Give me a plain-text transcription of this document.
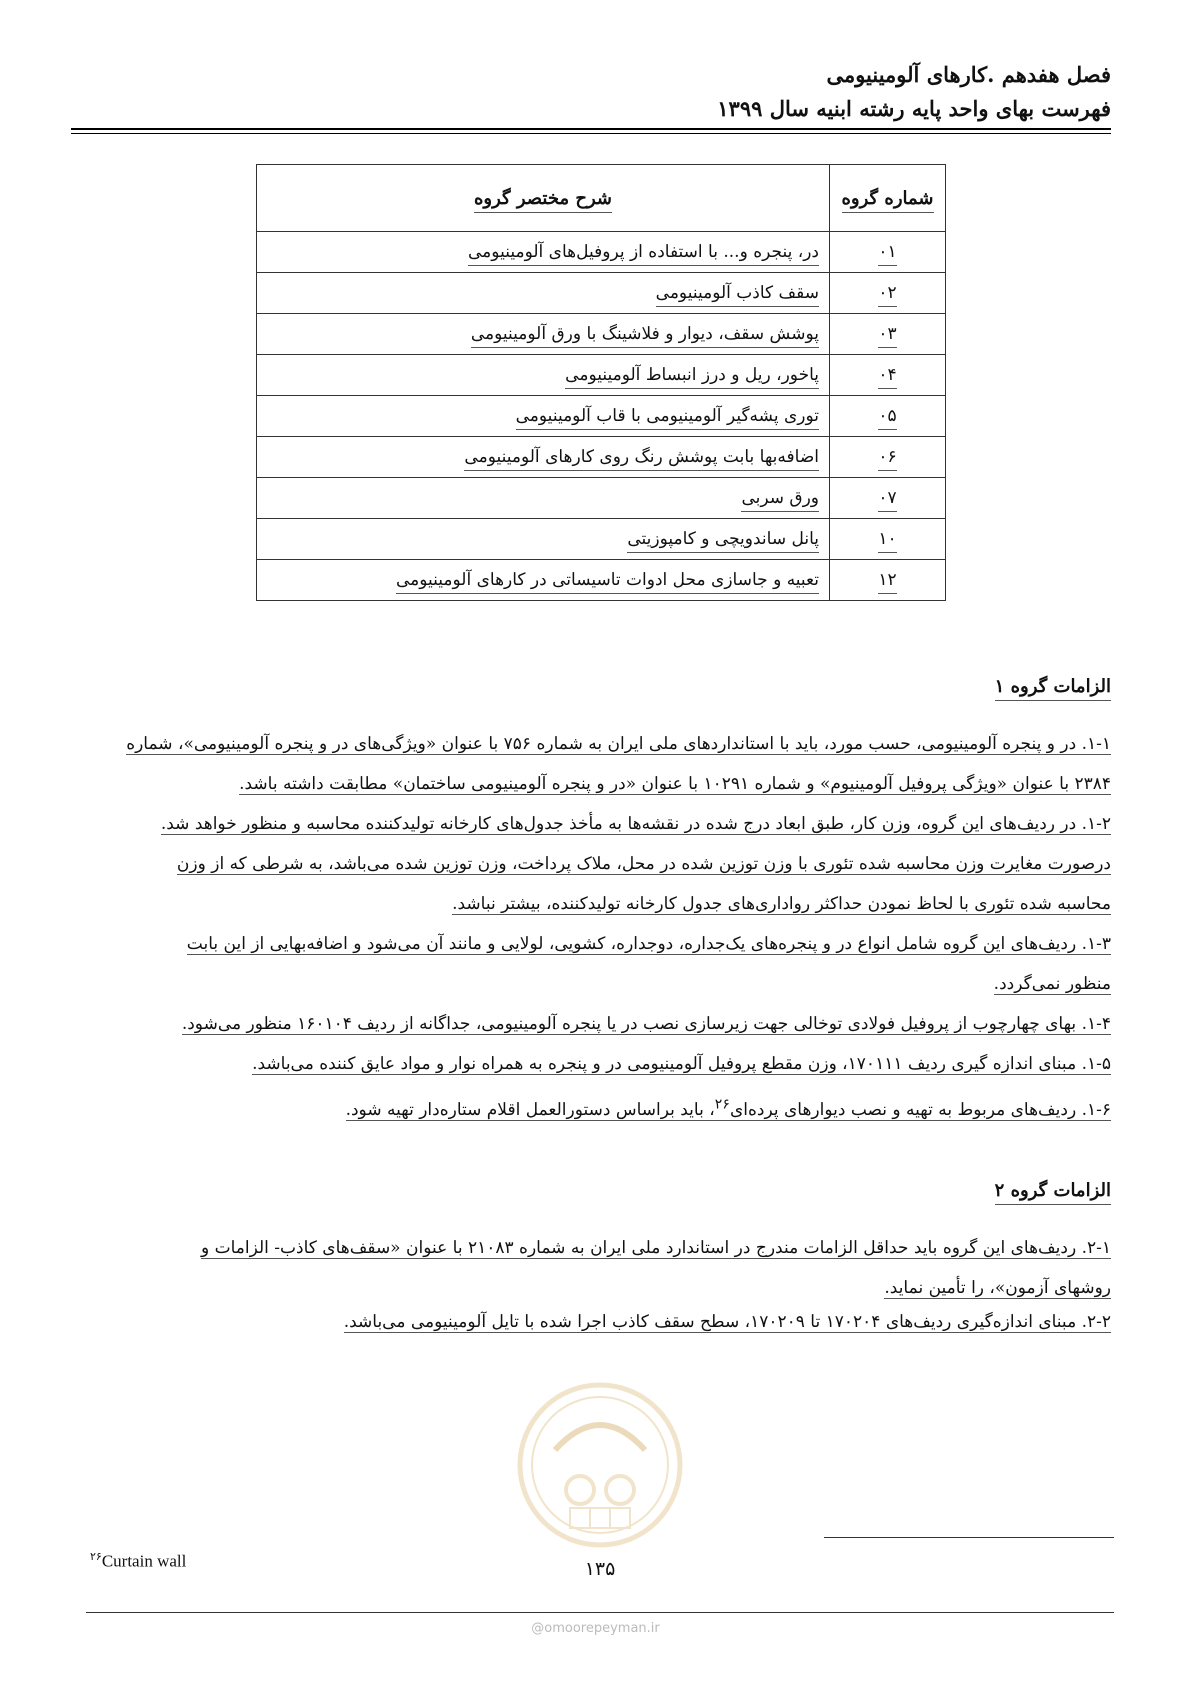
فصل هفدهم .کارهای آلومینیومی
فهرست بهای واحد پایه رشته ابنیه سال ۱۳۹۹
شماره گروه	شرح مختصر گروه
۰۱	در، پنجره و... با استفاده از پروفیل‌های آلومینیومی
۰۲	سقف کاذب آلومینیومی
۰۳	پوشش سقف، دیوار و فلاشینگ با ورق آلومینیومی
۰۴	پاخور، ریل و درز انبساط آلومینیومی
۰۵	توری پشه‌گیر آلومینیومی با قاب آلومینیومی
۰۶	اضافه‌بها بابت پوشش رنگ روی کارهای آلومینیومی
۰۷	ورق سربی
۱۰	پانل ساندویچی و کامپوزیتی
۱۲	تعبیه و جاسازی محل ادوات تاسیساتی در کارهای آلومینیومی
الزامات گروه ۱
۱-۱. در و پنجره آلومینیومی، حسب مورد، باید با استانداردهای ملی ایران به شماره ۷۵۶ با عنوان «ویژگی‌های در و پنجره آلومینیومی»، شماره
۲۳۸۴ با عنوان «ویژگی پروفیل آلومینیوم» و شماره ۱۰۲۹۱ با عنوان «در و پنجره آلومینیومی ساختمان» مطابقت داشته باشد.
۱-۲. در ردیف‌های این گروه، وزن کار، طبق ابعاد درج شده در نقشه‌ها به مأخذ جدول‌های کارخانه تولیدکننده محاسبه و منظور خواهد شد.
درصورت مغایرت وزن محاسبه شده تئوری با وزن توزین شده در محل، ملاک پرداخت، وزن توزین شده می‌باشد، به شرطی که از وزن
محاسبه شده تئوری با لحاظ نمودن حداکثر رواداری‌های جدول کارخانه تولیدکننده، بیشتر نباشد.
۱-۳. ردیف‌های این گروه شامل انواع در و پنجره‌های یک‌جداره، دوجداره، کشویی، لولایی و مانند آن می‌شود و اضافه‌بهایی از این بابت
منظور نمی‌گردد.
۱-۴. بهای چهارچوب از پروفیل فولادی توخالی جهت زیرسازی نصب در یا پنجره آلومینیومی، جداگانه از ردیف ۱۶۰۱۰۴ منظور می‌شود.
۱-۵. مبنای اندازه گیری ردیف ۱۷۰۱۱۱، وزن مقطع پروفیل آلومینیومی در و پنجره به همراه نوار و مواد عایق کننده می‌باشد.
۱-۶. ردیف‌های مربوط به تهیه و نصب دیوارهای پرده‌ای$^{۲۶}$، باید براساس دستورالعمل اقلام ستاره‌دار تهیه شود.
الزامات گروه ۲
۲-۱. ردیف‌های این گروه باید حداقل الزامات مندرج در استاندارد ملی ایران به شماره ۲۱۰۸۳ با عنوان «سقف‌های کاذب- الزامات و
روشهای آزمون»، را تأمین نماید.
۲-۲. مبنای اندازه‌گیری ردیف‌های ۱۷۰۲۰۴ تا ۱۷۰۲۰۹، سطح سقف کاذب اجرا شده با تایل آلومینیومی می‌باشد.
$^{۲۶}$Curtain wall	۱۳۵
@omoorepeyman.ir
